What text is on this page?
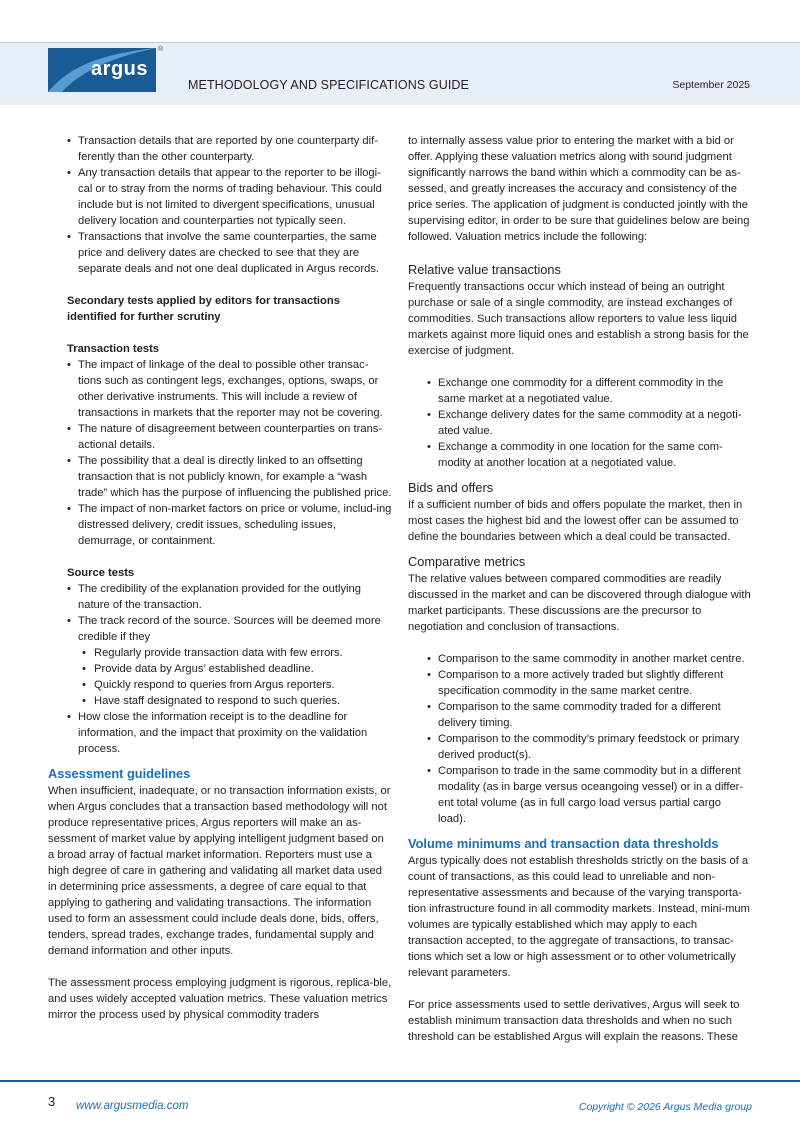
argus
®
METHODOLOGY AND SPECIFICATIONS GUIDE	September 2025
• Transaction details that are reported by one counterparty dif-ferently than the other counterparty.
• Any transaction details that appear to the reporter to be illogi-cal or to stray from the norms of trading behaviour. This could include but is not limited to divergent specifications, unusual delivery location and counterparties not typically seen.
• Transactions that involve the same counterparties, the same price and delivery dates are checked to see that they are separate deals and not one deal duplicated in Argus records.

Secondary tests applied by editors for transactions identified for further scrutiny

Transaction tests

• The impact of linkage of the deal to possible other transac-tions such as contingent legs, exchanges, options, swaps, or other derivative instruments. This will include a review of transactions in markets that the reporter may not be covering.
• The nature of disagreement between counterparties on trans-actional details.
• The possibility that a deal is directly linked to an offsetting transaction that is not publicly known, for example a “wash trade” which has the purpose of influencing the published price.
• The impact of non-market factors on price or volume, includ-ing distressed delivery, credit issues, scheduling issues, demurrage, or containment.

Source tests

• The credibility of the explanation provided for the outlying nature of the transaction.
• The track record of the source. Sources will be deemed more credible if they
• Regularly provide transaction data with few errors.
• Provide data by Argus’ established deadline.
• Quickly respond to queries from Argus reporters.
• Have staff designated to respond to such queries.
• How close the information receipt is to the deadline for information, and the impact that proximity on the validation process.

Assessment guidelines

When insufficient, inadequate, or no transaction information exists, or when Argus concludes that a transaction based methodology will not produce representative prices, Argus reporters will make an as-sessment of market value by applying intelligent judgment based on a broad array of factual market information. Reporters must use a high degree of care in gathering and validating all market data used in determining price assessments, a degree of care equal to that applying to gathering and validating transactions. The information used to form an assessment could include deals done, bids, offers, tenders, spread trades, exchange trades, fundamental supply and demand information and other inputs.

The assessment process employing judgment is rigorous, replica-ble, and uses widely accepted valuation metrics. These valuation metrics mirror the process used by physical commodity traders

to internally assess value prior to entering the market with a bid or offer. Applying these valuation metrics along with sound judgment significantly narrows the band within which a commodity can be as-sessed, and greatly increases the accuracy and consistency of the price series. The application of judgment is conducted jointly with the supervising editor, in order to be sure that guidelines below are being followed. Valuation metrics include the following:

Relative value transactions

Frequently transactions occur which instead of being an outright purchase or sale of a single commodity, are instead exchanges of commodities. Such transactions allow reporters to value less liquid markets against more liquid ones and establish a strong basis for the exercise of judgment.

• Exchange one commodity for a different commodity in the same market at a negotiated value.
• Exchange delivery dates for the same commodity at a negoti-ated value.
• Exchange a commodity in one location for the same com-modity at another location at a negotiated value.

Bids and offers

If a sufficient number of bids and offers populate the market, then in most cases the highest bid and the lowest offer can be assumed to define the boundaries between which a deal could be transacted.

Comparative metrics

The relative values between compared commodities are readily discussed in the market and can be discovered through dialogue with market participants. These discussions are the precursor to negotiation and conclusion of transactions.

• Comparison to the same commodity in another market centre.
• Comparison to a more actively traded but slightly different specification commodity in the same market centre.
• Comparison to the same commodity traded for a different delivery timing.
• Comparison to the commodity’s primary feedstock or primary derived product(s).
• Comparison to trade in the same commodity but in a different modality (as in barge versus oceangoing vessel) or in a differ-ent total volume (as in full cargo load versus partial cargo load).

Volume minimums and transaction data thresholds

Argus typically does not establish thresholds strictly on the basis of a count of transactions, as this could lead to unreliable and non-representative assessments and because of the varying transporta-tion infrastructure found in all commodity markets. Instead, mini-mum volumes are typically established which may apply to each transaction accepted, to the aggregate of transactions, to transac-tions which set a low or high assessment or to other volumetrically relevant parameters.

For price assessments used to settle derivatives, Argus will seek to establish minimum transaction data thresholds and when no such threshold can be established Argus will explain the reasons. These

3 www.argusmedia.com	Copyright © 2026 Argus Media group
